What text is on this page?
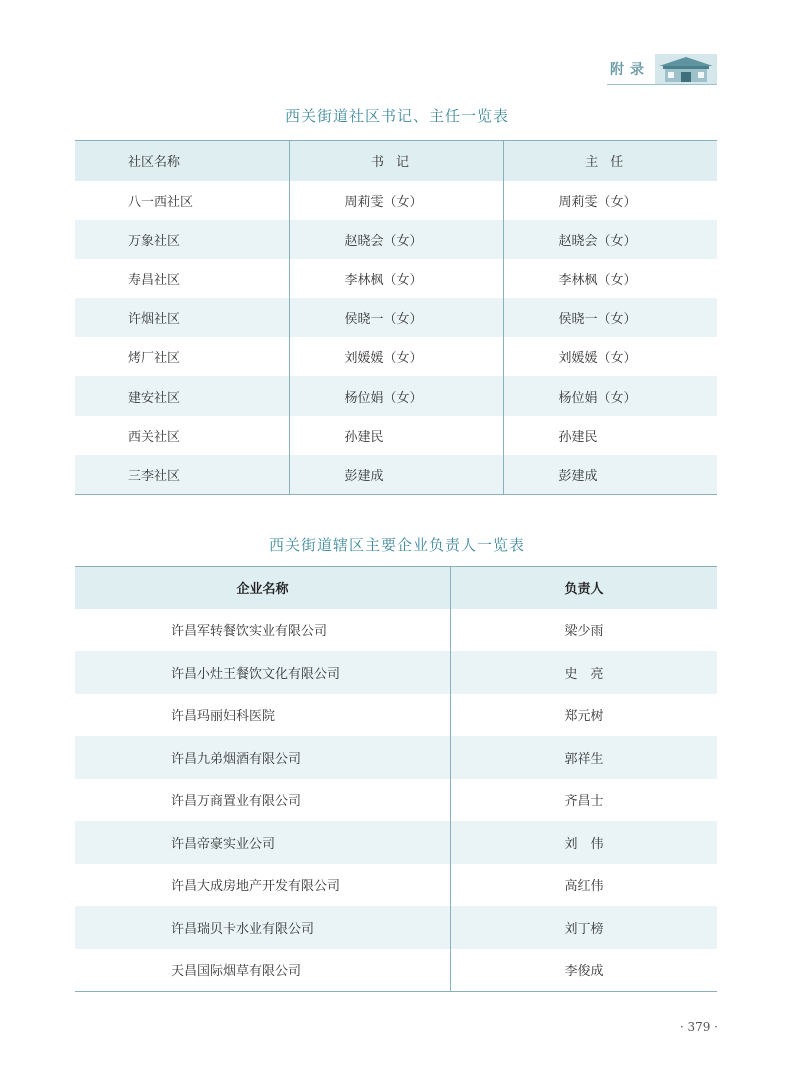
附录
西关街道社区书记、主任一览表
社区名称	书记	主任
八一西社区	周莉雯（女）	周莉雯（女）
万象社区	赵晓会（女）	赵晓会（女）
寿昌社区	李林枫（女）	李林枫（女）
许烟社区	侯晓一（女）	侯晓一（女）
烤厂社区	刘媛媛（女）	刘媛媛（女）
建安社区	杨位娟（女）	杨位娟（女）
西关社区	孙建民	孙建民
三李社区	彭建成	彭建成
西关街道辖区主要企业负责人一览表
企业名称	负责人
许昌军转餐饮实业有限公司	梁少雨
许昌小灶王餐饮文化有限公司	史　亮
许昌玛丽妇科医院	郑元树
许昌九弟烟酒有限公司	郭祥生
许昌万商置业有限公司	齐昌士
许昌帝豪实业公司	刘　伟
许昌大成房地产开发有限公司	高红伟
许昌瑞贝卡水业有限公司	刘丁榜
天昌国际烟草有限公司	李俊成
· 379 ·
